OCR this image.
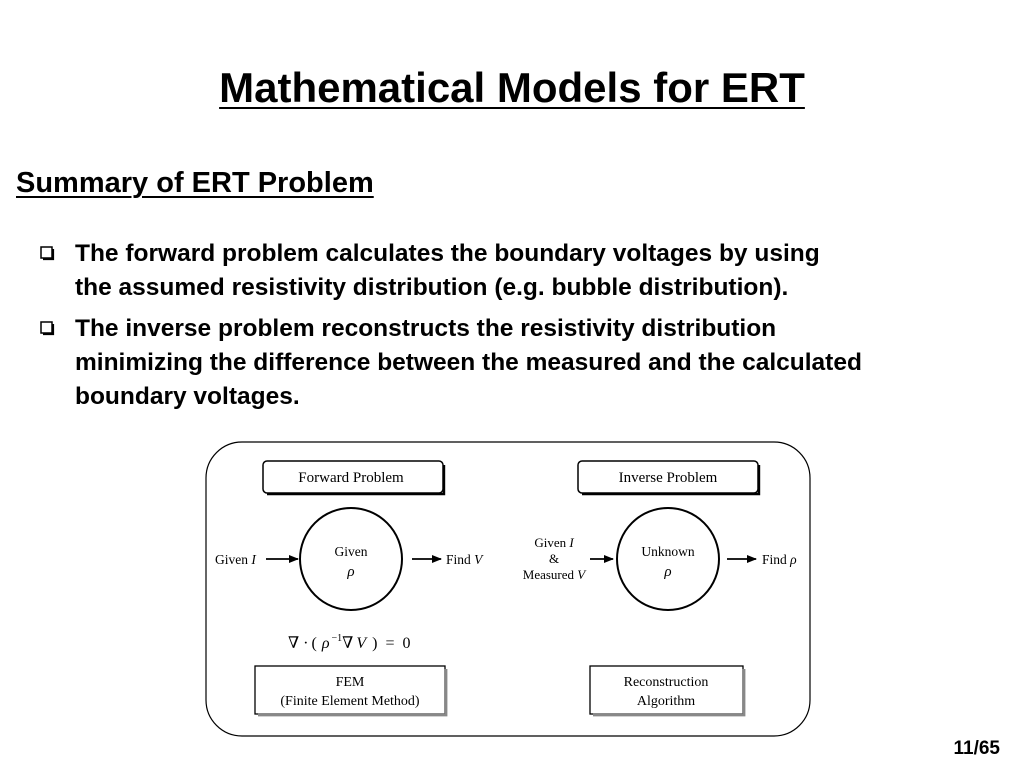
Mathematical Models for ERT
Summary of ERT Problem
The forward problem calculates the boundary voltages by using
the assumed resistivity distribution (e.g. bubble distribution).
The inverse problem reconstructs the resistivity distribution
minimizing the difference between the measured and the calculated
boundary voltages.
Forward Problem
Given I
Given
ρ
Find V
∇ · ( ρ $^{-1}$∇ V ) = 0
FEM
(Finite Element Method)
Inverse Problem
Given I
&
Measured V
Unknown
ρ
Find ρ
Reconstruction
Algorithm
11/65
